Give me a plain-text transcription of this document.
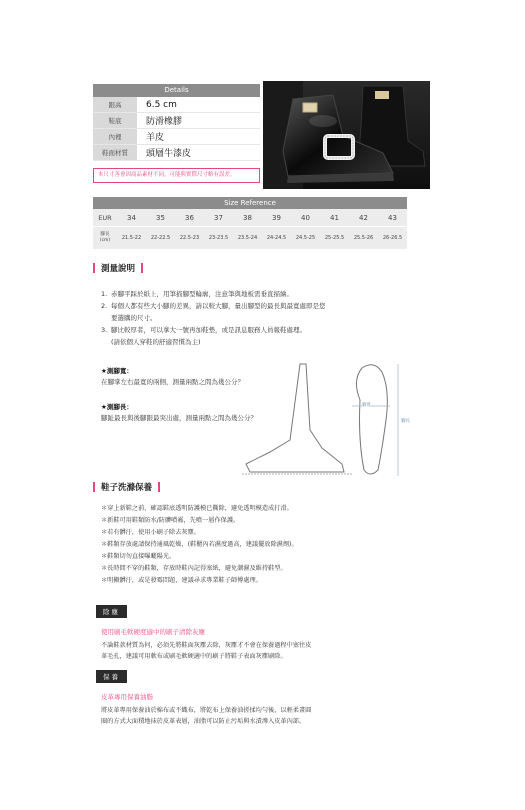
Details
跟高	6.5 cm
鞋底	防滑橡膠
內裡	羊皮
鞋面材質	頭層牛漆皮
本尺寸善會因商品素材不同，可能與實際尺寸略有誤差。
Size Reference
EUR	34	35	36	37	38	39	40	41	42	43
腳長
(cm)	21.5-22	22-22.5	22.5-23	23-23.5	23.5-24	24-24.5	24.5-25	25-25.5	25.5-26	26-26.5
測量說明
1. 赤腳平踩於紙上，用筆描腳型輪廓，注意筆與地板需垂直描繪。
2. 每個人都有些大小腳的差異，請以較大腳，量出腳型的最長與最寬處即是您
要選購的尺寸。
3. 腳比較厚者，可以拿大一號再加鞋墊，或是訊息服務人員報鞋處理。
(請依個人穿鞋的舒適習慣為主)
★測腳寬：
在腳掌左右最寬的兩側，測量兩點之間為幾公分？
★測腳長：
腳趾最長與後腳跟最突出處，測量兩點之間為幾公分？
腳寬
腳長
鞋子洗滌保養
＊穿上新鞋之前，確認鞋底透明防護模已撕除，避免透明模造成打滑。
＊新鞋可用鞋類防水/防髒噴霧，先噴一層作保護。
＊若有髒汙，使用小刷子除去灰塵。
＊鞋類存放處請保持通風乾燥，(鞋櫃內若濕度過高，建議擺放除濕劑)。
＊鞋類切勿直接曝曬陽光。
＊長時間不穿的鞋類，存放時鞋內記得塞紙，避免潮濕及維持鞋型。
＊明顯髒汙，或是發霉問題，建議尋求專業鞋子師傅處理。
除塵
使用刷毛軟硬度適中的刷子清除灰塵
不論鞋款材質為何，必須先將鞋面灰塵去除，灰塵才不會在保養過程中塞往皮
革毛孔，建議可用軟布或刷毛軟硬適中的刷子將鞋子表面灰塵刷除。
保養
皮革專用保養油脂
將皮革專用保養油於棉布或不織布，將乾布上保養油搓揉均勻後，以輕柔畫圓
圈的方式大面積地抹於皮革表層，油脂可以防止污垢與水漬滲入皮革內部。
